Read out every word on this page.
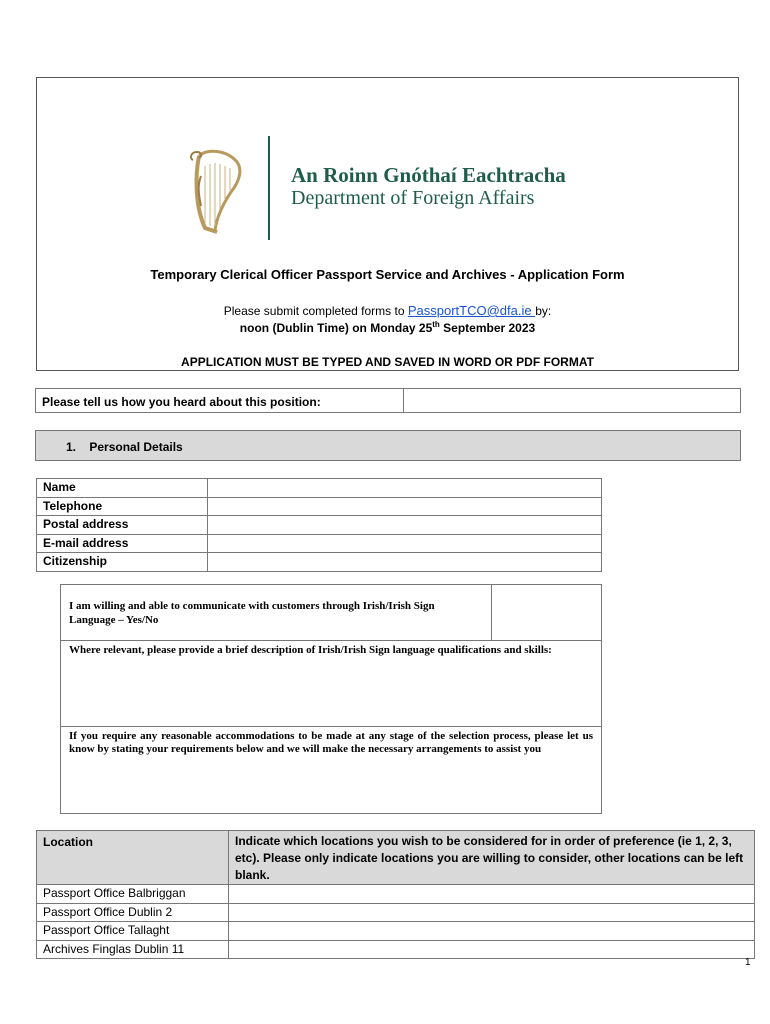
An Roinn Gnóthaí Eachtracha
Department of Foreign Affairs
Temporary Clerical Officer Passport Service and Archives - Application Form
Please submit completed forms to PassportTCO@dfa.ie by:
noon (Dublin Time) on Monday 25th September 2023
APPLICATION MUST BE TYPED AND SAVED IN WORD OR PDF FORMAT
Please tell us how you heard about this position:
1.    Personal Details
Name
Telephone
Postal address
E-mail address
Citizenship
I am willing and able to communicate with customers through Irish/Irish Sign Language – Yes/No
Where relevant, please provide a brief description of Irish/Irish Sign language qualifications and skills:
If you require any reasonable accommodations to be made at any stage of the selection process, please let us know by stating your requirements below and we will make the necessary arrangements to assist you
Location	Indicate which locations you wish to be considered for in order of preference (ie 1, 2, 3, etc). Please only indicate locations you are willing to consider, other locations can be left blank.
Passport Office Balbriggan
Passport Office Dublin 2
Passport Office Tallaght
Archives Finglas Dublin 11
1
